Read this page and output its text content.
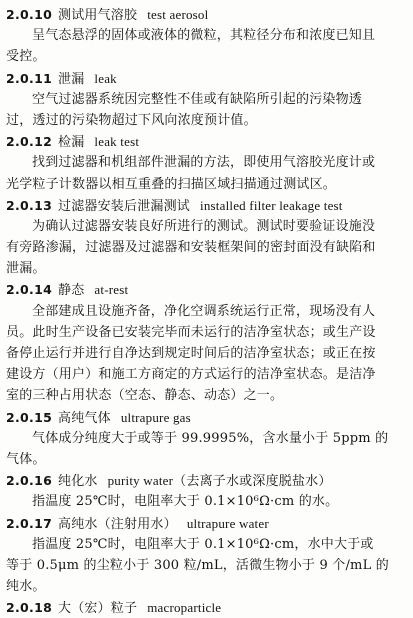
2.0.10 测试用气溶胶 test aerosol
呈气态悬浮的固体或液体的微粒，其粒径分布和浓度已知且
受控。
2.0.11 泄漏 leak
空气过滤器系统因完整性不佳或有缺陷所引起的污染物透
过，透过的污染物超过下风向浓度预计值。
2.0.12 检漏 leak test
找到过滤器和机组部件泄漏的方法，即使用气溶胶光度计或
光学粒子计数器以相互重叠的扫描区域扫描通过测试区。
2.0.13 过滤器安装后泄漏测试 installed filter leakage test
为确认过滤器安装良好所进行的测试。测试时要验证设施没
有旁路渗漏，过滤器及过滤器和安装框架间的密封面没有缺陷和
泄漏。
2.0.14 静态 at-rest
全部建成且设施齐备，净化空调系统运行正常，现场没有人
员。此时生产设备已安装完毕而未运行的洁净室状态；或生产设
备停止运行并进行自净达到规定时间后的洁净室状态；或正在按
建设方（用户）和施工方商定的方式运行的洁净室状态。是洁净
室的三种占用状态（空态、静态、动态）之一。
2.0.15 高纯气体 ultrapure gas
气体成分纯度大于或等于 99.9995%，含水量小于 5ppm 的
气体。
2.0.16 纯化水 purity water（去离子水或深度脱盐水）
指温度 25℃时，电阻率大于 0.1×10⁶Ω·cm 的水。
2.0.17 高纯水（注射用水） ultrapure water
指温度 25℃时，电阻率大于 0.1×10⁶Ω·cm，水中大于或
等于 0.5μm 的尘粒小于 300 粒/mL，活微生物小于 9 个/mL 的
纯水。
2.0.18 大（宏）粒子 macroparticle
